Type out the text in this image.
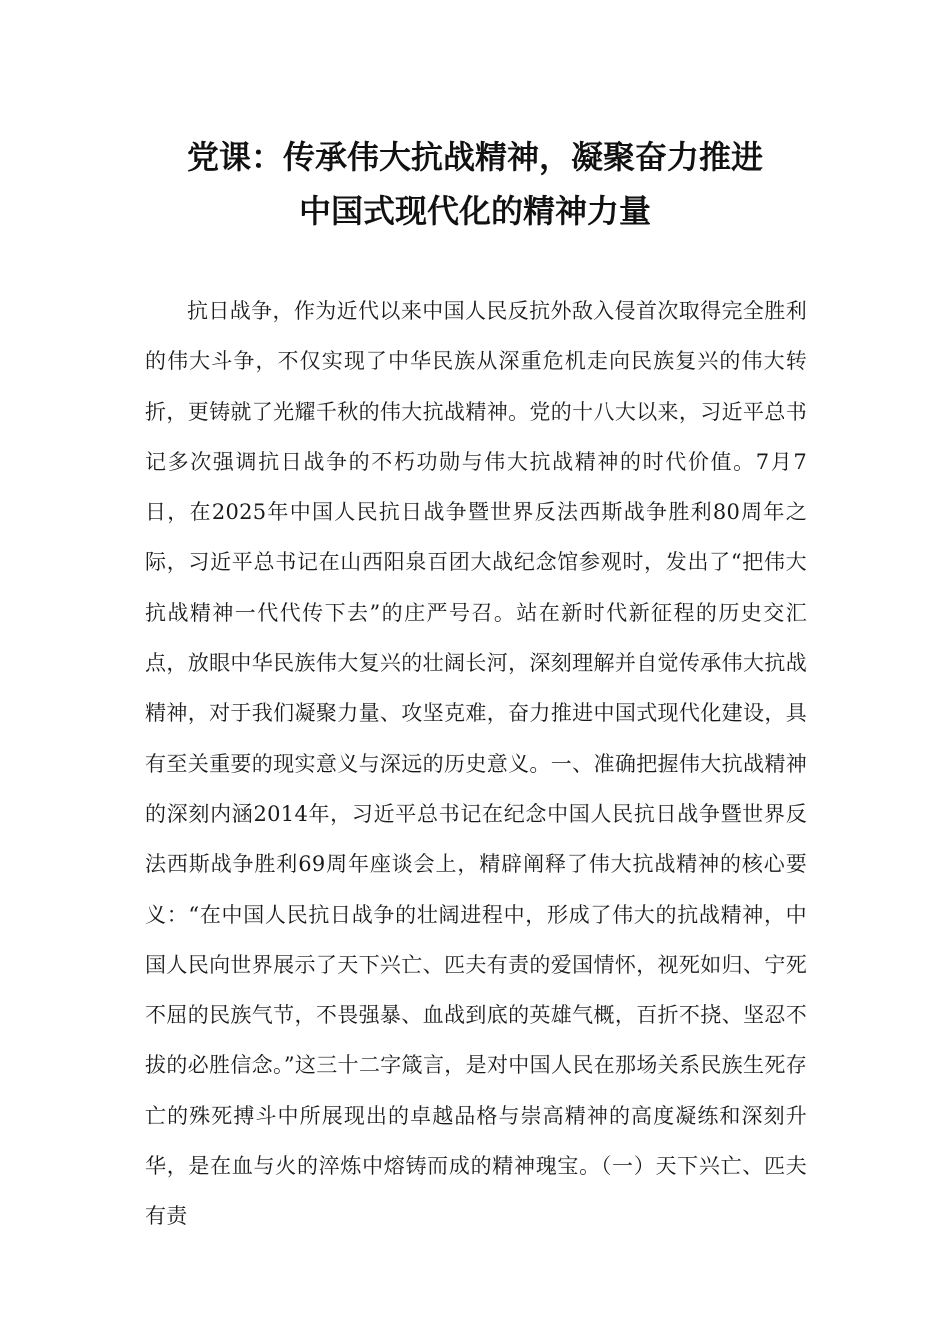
党课：传承伟大抗战精神，凝聚奋力推进
中国式现代化的精神力量

抗日战争，作为近代以来中国人民反抗外敌入侵首次取得完全胜利的伟大斗争，不仅实现了中华民族从深重危机走向民族复兴的伟大转折，更铸就了光耀千秋的伟大抗战精神。党的十八大以来，习近平总书记多次强调抗日战争的不朽功勋与伟大抗战精神的时代价值。7月7日，在2025年中国人民抗日战争暨世界反法西斯战争胜利80周年之际，习近平总书记在山西阳泉百团大战纪念馆参观时，发出了“把伟大抗战精神一代代传下去”的庄严号召。站在新时代新征程的历史交汇点，放眼中华民族伟大复兴的壮阔长河，深刻理解并自觉传承伟大抗战精神，对于我们凝聚力量、攻坚克难，奋力推进中国式现代化建设，具有至关重要的现实意义与深远的历史意义。一、准确把握伟大抗战精神的深刻内涵2014年，习近平总书记在纪念中国人民抗日战争暨世界反法西斯战争胜利69周年座谈会上，精辟阐释了伟大抗战精神的核心要义：“在中国人民抗日战争的壮阔进程中，形成了伟大的抗战精神，中国人民向世界展示了天下兴亡、匹夫有责的爱国情怀，视死如归、宁死不屈的民族气节，不畏强暴、血战到底的英雄气概，百折不挠、坚忍不拔的必胜信念。”这三十二字箴言，是对中国人民在那场关系民族生死存亡的殊死搏斗中所展现出的卓越品格与崇高精神的高度凝练和深刻升华，是在血与火的淬炼中熔铸而成的精神瑰宝。（一）天下兴亡、匹夫有责
